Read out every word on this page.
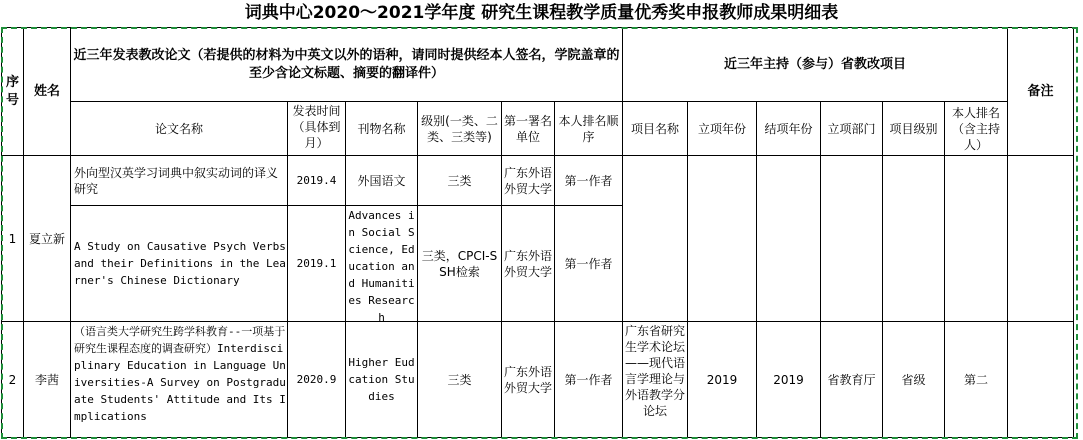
词典中心2020～2021学年度 研究生课程教学质量优秀奖申报教师成果明细表
序号	姓名	近三年发表教改论文（若提供的材料为中英文以外的语种，请同时提供经本人签名，学院盖章的至少含论文标题、摘要的翻译件）						近三年主持（参与）省教改项目						备注
		论文名称	发表时间（具体到月）	刊物名称	级别(一类、二类、三类等)	第一署名单位	本人排名顺序	项目名称	立项年份	结项年份	立项部门	项目级别	本人排名（含主持人）	
1	夏立新	外向型汉英学习词典中叙实动词的译义研究	2019.4	外国语文	三类	广东外语外贸大学	第一作者							
		A Study on Causative Psych Verbs and their Definitions in the Learner's Chinese Dictionary	2019.1	Advances in Social Science, Education and Humanities Research	三类，CPCI-SSH检索	广东外语外贸大学	第一作者							
2	李茜	（语言类大学研究生跨学科教育--一项基于研究生课程态度的调查研究）Interdisciplinary Education in Language Universities-A Survey on Postgraduate Students' Attitude and Its Implications	2020.9	Higher Eudcation Studies	三类	广东外语外贸大学	第一作者	广东省研究生学术论坛——现代语言学理论与外语教学分论坛	2019	2019	省教育厅	省级	第二	
